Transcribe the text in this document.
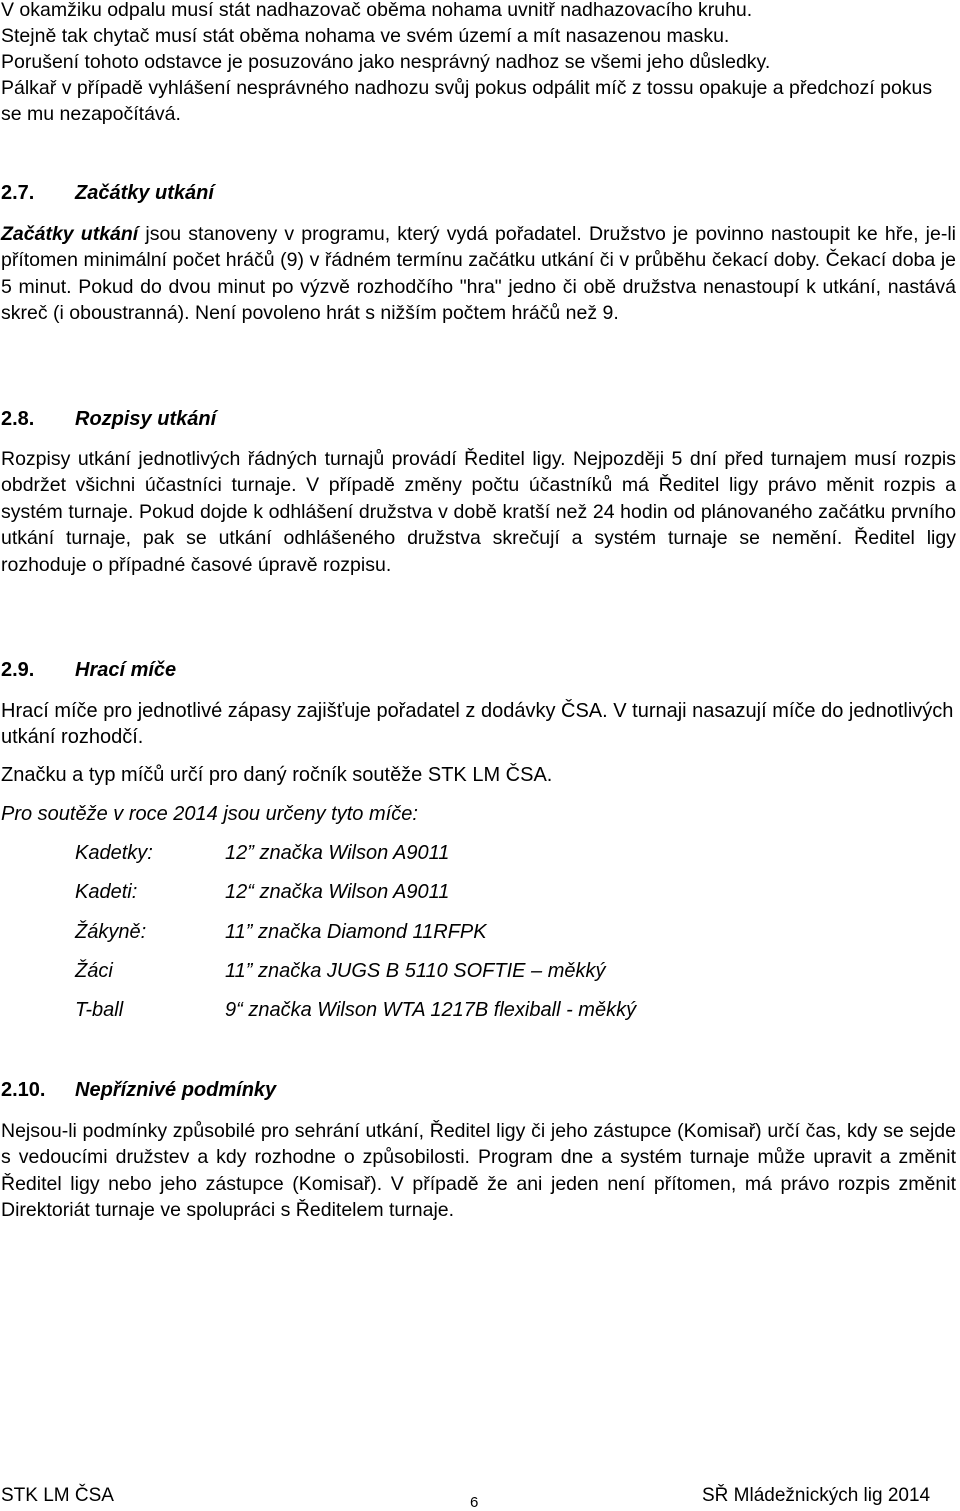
V okamžiku odpalu musí stát nadhazovač oběma nohama uvnitř nadhazovacího kruhu.
Stejně tak chytač musí stát oběma nohama ve svém území a mít nasazenou masku.
Porušení tohoto odstavce je posuzováno jako nesprávný nadhoz se všemi jeho důsledky.
Pálkař v případě vyhlášení nesprávného nadhozu svůj pokus odpálit míč z tossu opakuje a předchozí pokus se mu nezapočítává.
2.7. Začátky utkání
Začátky utkání jsou stanoveny v programu, který vydá pořadatel. Družstvo je povinno nastoupit ke hře, je-li přítomen minimální počet hráčů (9) v řádném termínu začátku utkání či v průběhu čekací doby. Čekací doba je 5 minut. Pokud do dvou minut po výzvě rozhodčího "hra" jedno či obě družstva nenastoupí k utkání, nastává skreč (i oboustranná). Není povoleno hrát s nižším počtem hráčů než 9.
2.8. Rozpisy utkání
Rozpisy utkání jednotlivých řádných turnajů provádí Ředitel ligy. Nejpozději 5 dní před turnajem musí rozpis obdržet všichni účastníci turnaje. V případě změny počtu účastníků má Ředitel ligy právo měnit rozpis a systém turnaje. Pokud dojde k odhlášení družstva v době kratší než 24 hodin od plánovaného začátku prvního utkání turnaje, pak se utkání odhlášeného družstva skrečují a systém turnaje se nemění. Ředitel ligy rozhoduje o případné časové úpravě rozpisu.
2.9. Hrací míče
Hrací míče pro jednotlivé zápasy zajišťuje pořadatel z dodávky ČSA. V turnaji nasazují míče do jednotlivých utkání rozhodčí.
Značku a typ míčů určí pro daný ročník soutěže STK LM ČSA.
Pro soutěže v roce 2014 jsou určeny tyto míče:
Kadetky:	12” značka Wilson A9011
Kadeti:	12“ značka Wilson A9011
Žákyně:	11” značka Diamond 11RFPK
Žáci	11” značka JUGS B 5110 SOFTIE – měkký
T-ball	9“ značka Wilson WTA 1217B flexiball - měkký
2.10. Nepříznivé podmínky
Nejsou-li podmínky způsobilé pro sehrání utkání, Ředitel ligy či jeho zástupce (Komisař) určí čas, kdy se sejde s vedoucími družstev a kdy rozhodne o způsobilosti. Program dne a systém turnaje může upravit a změnit Ředitel ligy nebo jeho zástupce (Komisař). V případě že ani jeden není přítomen, má právo rozpis změnit Direktoriát turnaje ve spolupráci s Ředitelem turnaje.
STK LM ČSA	6	SŘ Mládežnických lig 2014
